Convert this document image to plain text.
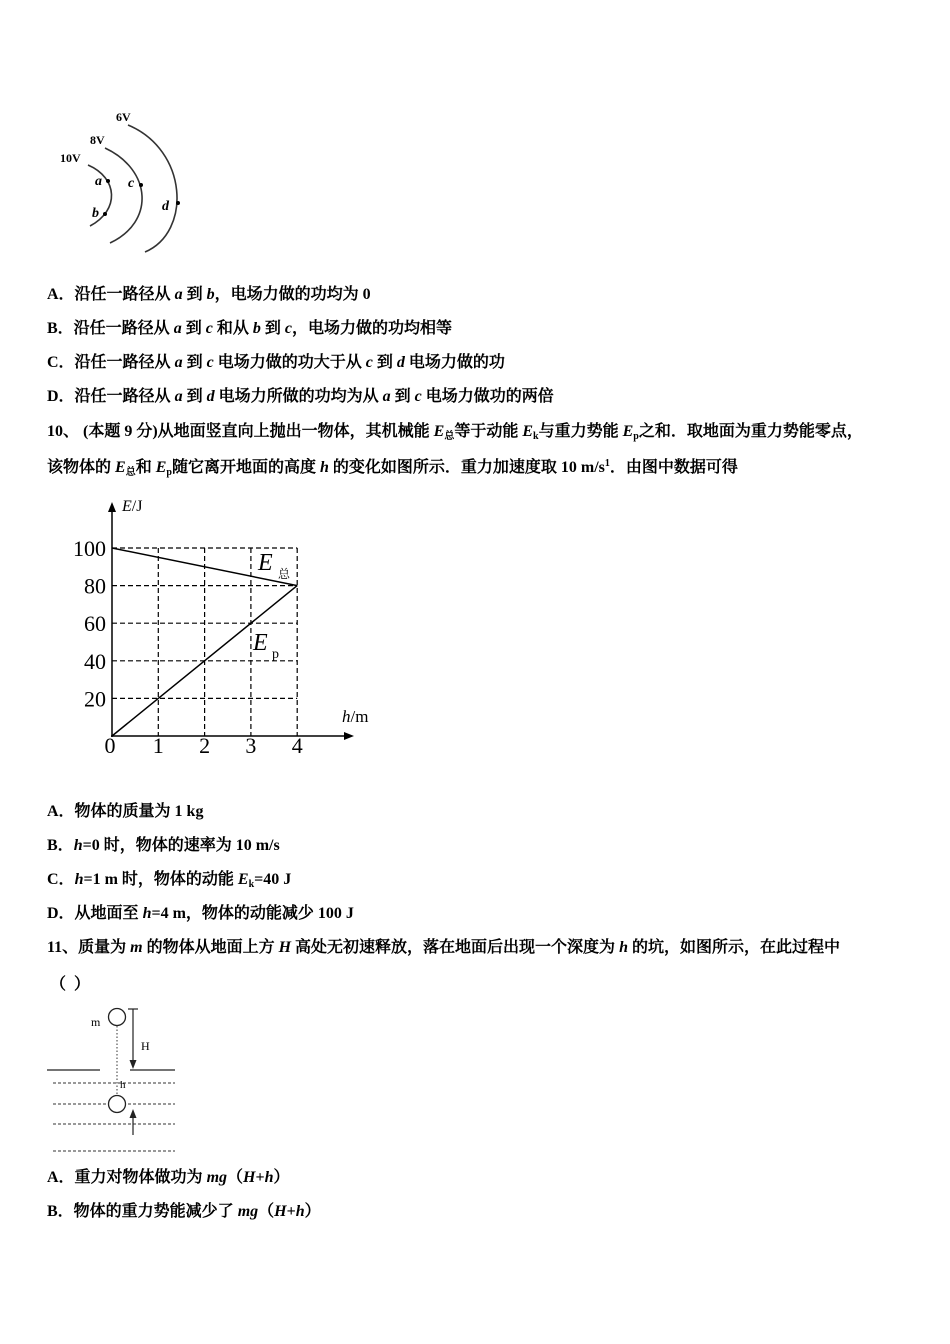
6V
8V
10V
a
b
c
d
A．沿任一路径从 a 到 b，电场力做的功均为 0
B．沿任一路径从 a 到 c 和从 b 到 c，电场力做的功均相等
C．沿任一路径从 a 到 c 电场力做的功大于从 c 到 d 电场力做的功
D．沿任一路径从 a 到 d 电场力所做的功均为从 a 到 c 电场力做功的两倍
10、 (本题 9 分)从地面竖直向上抛出一物体，其机械能 $E_总$等于动能 $E_k$与重力势能 $E_p$之和．取地面为重力势能零点，
该物体的 $E_总$和 $E_p$随它离开地面的高度 h 的变化如图所示．重力加速度取 10 $m/s^1$．由图中数据可得
E/J
h/m
20
40
60
80
100
0 1 2 3 4
E 总
E p
A．物体的质量为 1 kg
B．h=0 时，物体的速率为 10 m/s
C．h=1 m 时，物体的动能 $E_k=40$ J
D．从地面至 h=4 m，物体的动能减少 100 J
11、质量为 m 的物体从地面上方 H 高处无初速释放，落在地面后出现一个深度为 h 的坑，如图所示，在此过程中
（  ）
m
H
h
A．重力对物体做功为 mg（H+h）
B．物体的重力势能减少了 mg（H+h）
